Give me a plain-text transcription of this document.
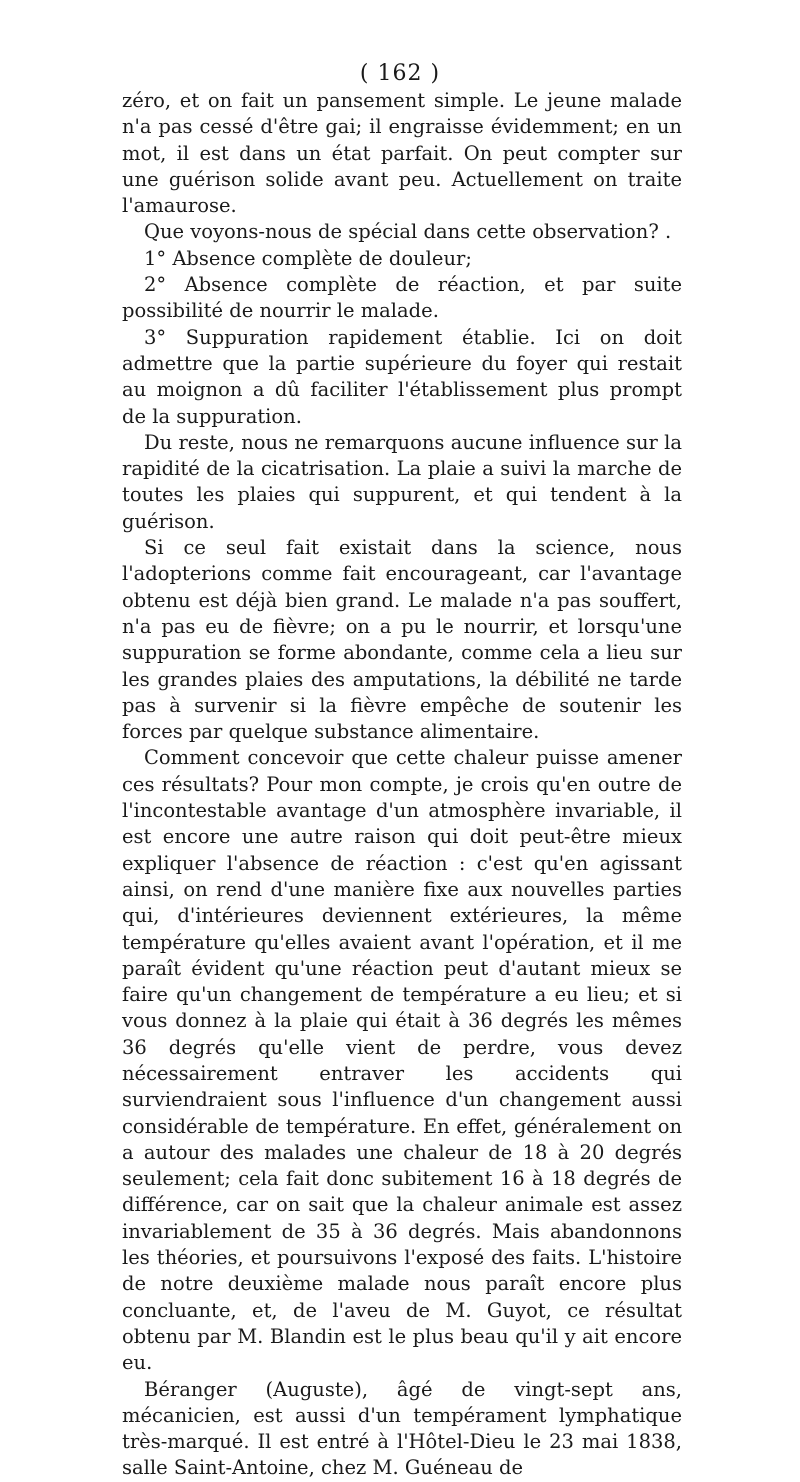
( 162 )

zéro, et on fait un pansement simple. Le jeune malade n'a pas cessé d'être gai; il engraisse évidemment; en un mot, il est dans un état parfait. On peut compter sur une guérison solide avant peu. Actuellement on traite l'amaurose.

Que voyons-nous de spécial dans cette observation? .

1° Absence complète de douleur;

2° Absence complète de réaction, et par suite possibilité de nourrir le malade.

3° Suppuration rapidement établie. Ici on doit admettre que la partie supérieure du foyer qui restait au moignon a dû faciliter l'établissement plus prompt de la suppuration.

Du reste, nous ne remarquons aucune influence sur la rapidité de la cicatrisation. La plaie a suivi la marche de toutes les plaies qui suppurent, et qui tendent à la guérison.

Si ce seul fait existait dans la science, nous l'adopterions comme fait encourageant, car l'avantage obtenu est déjà bien grand. Le malade n'a pas souffert, n'a pas eu de fièvre; on a pu le nourrir, et lorsqu'une suppuration se forme abondante, comme cela a lieu sur les grandes plaies des amputations, la débilité ne tarde pas à survenir si la fièvre empêche de soutenir les forces par quelque substance alimentaire.

Comment concevoir que cette chaleur puisse amener ces résultats? Pour mon compte, je crois qu'en outre de l'incontestable avantage d'un atmosphère invariable, il est encore une autre raison qui doit peut-être mieux expliquer l'absence de réaction : c'est qu'en agissant ainsi, on rend d'une manière fixe aux nouvelles parties qui, d'intérieures deviennent extérieures, la même température qu'elles avaient avant l'opération, et il me paraît évident qu'une réaction peut d'autant mieux se faire qu'un changement de température a eu lieu; et si vous donnez à la plaie qui était à 36 degrés les mêmes 36 degrés qu'elle vient de perdre, vous devez nécessairement entraver les accidents qui surviendraient sous l'influence d'un changement aussi considérable de température. En effet, généralement on a autour des malades une chaleur de 18 à 20 degrés seulement; cela fait donc subitement 16 à 18 degrés de différence, car on sait que la chaleur animale est assez invariablement de 35 à 36 degrés. Mais abandonnons les théories, et poursuivons l'exposé des faits. L'histoire de notre deuxième malade nous paraît encore plus concluante, et, de l'aveu de M. Guyot, ce résultat obtenu par M. Blandin est le plus beau qu'il y ait encore eu.

Béranger (Auguste), âgé de vingt-sept ans, mécanicien, est aussi d'un tempérament lymphatique très-marqué. Il est entré à l'Hôtel-Dieu le 23 mai 1838, salle Saint-Antoine, chez M. Guéneau de
